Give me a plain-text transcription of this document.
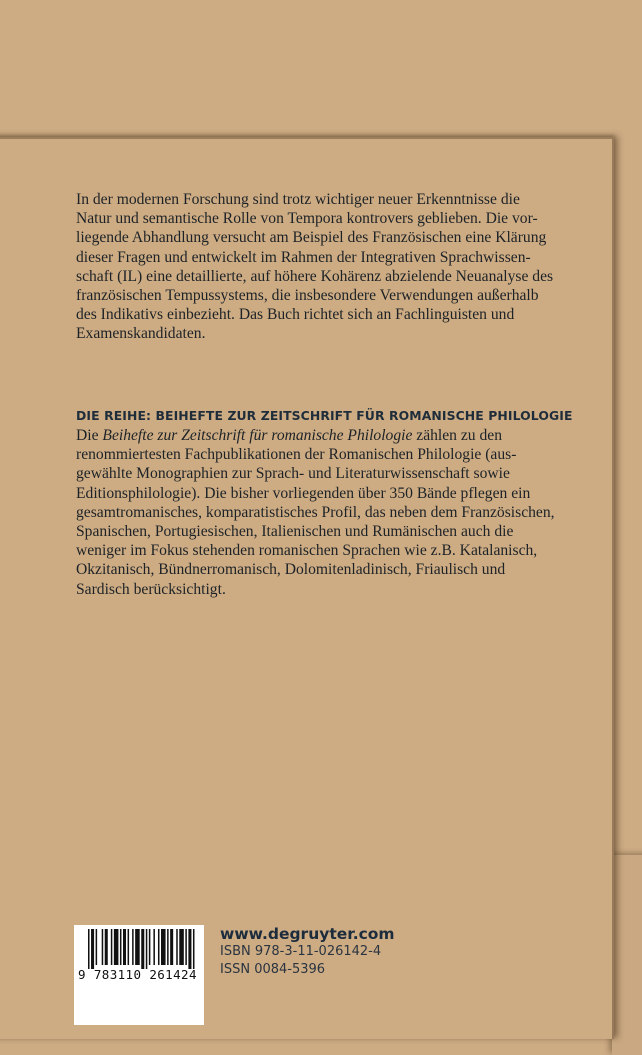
In der modernen Forschung sind trotz wichtiger neuer Erkenntnisse die
Natur und semantische Rolle von Tempora kontrovers geblieben. Die vor-
liegende Abhandlung versucht am Beispiel des Französischen eine Klärung
dieser Fragen und entwickelt im Rahmen der Integrativen Sprachwissen-
schaft (IL) eine detaillierte, auf höhere Kohärenz abzielende Neuanalyse des
französischen Tempussystems, die insbesondere Verwendungen außerhalb
des Indikativs einbezieht. Das Buch richtet sich an Fachlinguisten und
Examenskandidaten.

DIE REIHE: BEIHEFTE ZUR ZEITSCHRIFT FÜR ROMANISCHE PHILOLOGIE

Die Beihefte zur Zeitschrift für romanische Philologie zählen zu den
renommiertesten Fachpublikationen der Romanischen Philologie (aus-
gewählte Monographien zur Sprach- und Literaturwissenschaft sowie
Editionsphilologie). Die bisher vorliegenden über 350 Bände pflegen ein
gesamtromanisches, komparatistisches Profil, das neben dem Französischen,
Spanischen, Portugiesischen, Italienischen und Rumänischen auch die
weniger im Fokus stehenden romanischen Sprachen wie z.B. Katalanisch,
Okzitanisch, Bündnerromanisch, Dolomitenladinisch, Friaulisch und
Sardisch berücksichtigt.

9 783110 261424
www.degruyter.com
ISBN 978-3-11-026142-4
ISSN 0084-5396
